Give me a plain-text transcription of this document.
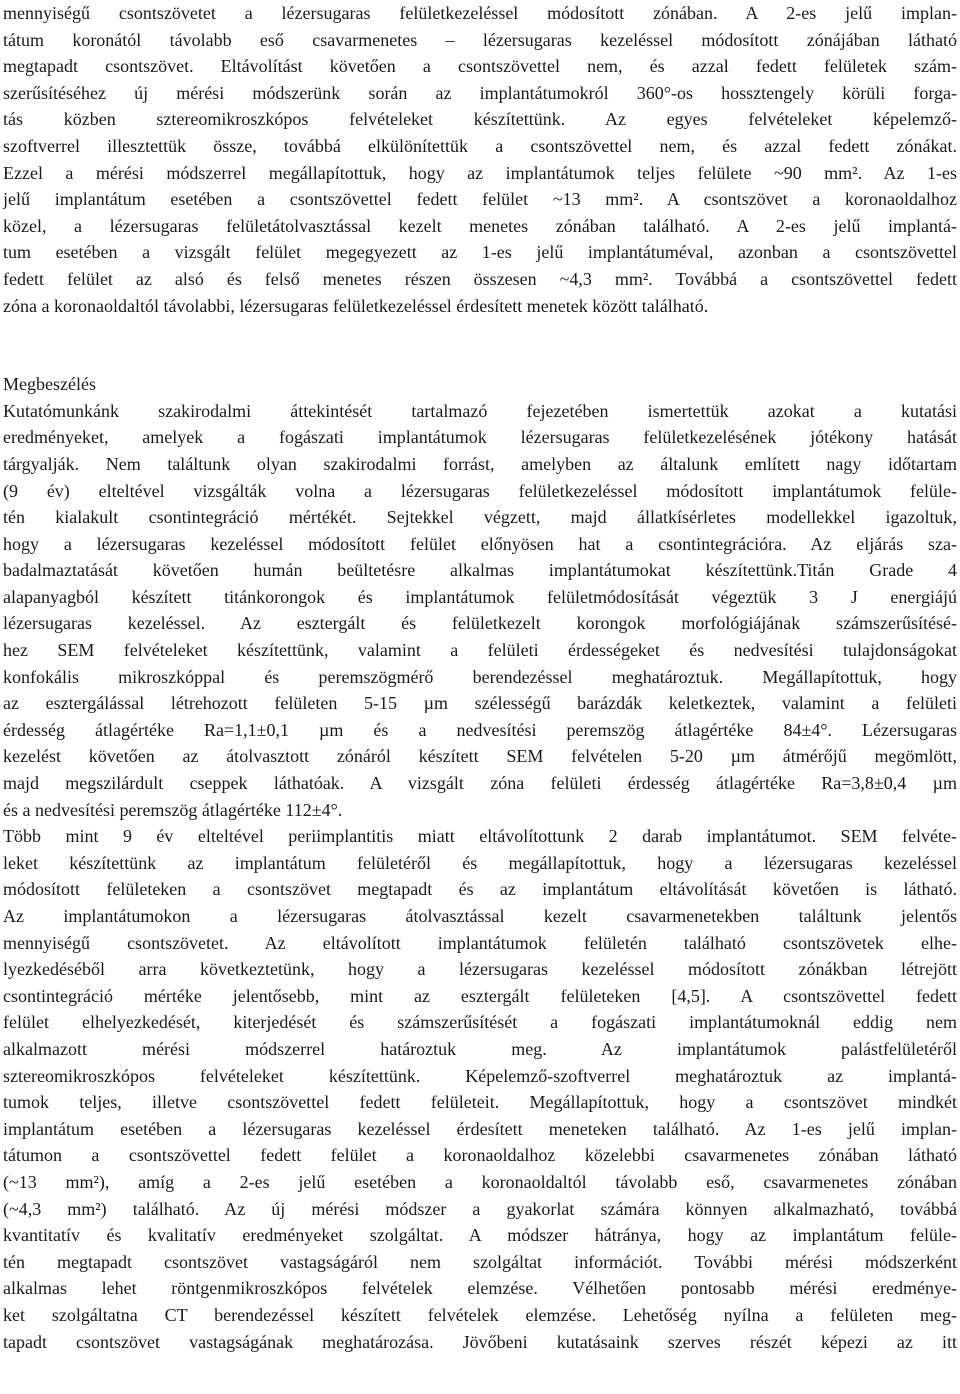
mennyiségű csontszövetet a lézersugaras felületkezeléssel módosított zónában. A 2-es jelű implan-
tátum koronától távolabb eső csavarmenetes – lézersugaras kezeléssel módosított zónájában látható
megtapadt csontszövet. Eltávolítást követően a csontszövettel nem, és azzal fedett felületek szám-
szerűsítéséhez új mérési módszerünk során az implantátumokról 360°-os hossztengely körüli forga-
tás közben sztereomikroszkópos felvételeket készítettünk. Az egyes felvételeket képelemző-
szoftverrel illesztettük össze, továbbá elkülönítettük a csontszövettel nem, és azzal fedett zónákat.
Ezzel a mérési módszerrel megállapítottuk, hogy az implantátumok teljes felülete ~90 mm². Az 1-es
jelű implantátum esetében a csontszövettel fedett felület ~13 mm². A csontszövet a koronaoldalhoz
közel, a lézersugaras felületátolvasztással kezelt menetes zónában található. A 2-es jelű implantá-
tum esetében a vizsgált felület megegyezett az 1-es jelű implantátuméval, azonban a csontszövettel
fedett felület az alsó és felső menetes részen összesen ~4,3 mm². Továbbá a csontszövettel fedett
zóna a koronaoldaltól távolabbi, lézersugaras felületkezeléssel érdesített menetek között található.
Megbeszélés
Kutatómunkánk szakirodalmi áttekintését tartalmazó fejezetében ismertettük azokat a kutatási
eredményeket, amelyek a fogászati implantátumok lézersugaras felületkezelésének jótékony hatását
tárgyalják. Nem találtunk olyan szakirodalmi forrást, amelyben az általunk említett nagy időtartam
(9 év) elteltével vizsgálták volna a lézersugaras felületkezeléssel módosított implantátumok felüle-
tén kialakult csontintegráció mértékét. Sejtekkel végzett, majd állatkísérletes modellekkel igazoltuk,
hogy a lézersugaras kezeléssel módosított felület előnyösen hat a csontintegrációra. Az eljárás sza-
badalmaztatását követően humán beültetésre alkalmas implantátumokat készítettünk.Titán Grade 4
alapanyagból készített titánkorongok és implantátumok felületmódosítását végeztük 3 J energiájú
lézersugaras kezeléssel. Az esztergált és felületkezelt korongok morfológiájának számszerűsítésé-
hez SEM felvételeket készítettünk, valamint a felületi érdességeket és nedvesítési tulajdonságokat
konfokális mikroszkóppal és peremszögmérő berendezéssel meghatároztuk. Megállapítottuk, hogy
az esztergálással létrehozott felületen 5-15 µm szélességű barázdák keletkeztek, valamint a felületi
érdesség átlagértéke Ra=1,1±0,1 µm és a nedvesítési peremszög átlagértéke 84±4°. Lézersugaras
kezelést követően az átolvasztott zónáról készített SEM felvételen 5-20 µm átmérőjű megömlött,
majd megszilárdult cseppek láthatóak. A vizsgált zóna felületi érdesség átlagértéke Ra=3,8±0,4 µm
és a nedvesítési peremszög átlagértéke 112±4°.
Több mint 9 év elteltével periimplantitis miatt eltávolítottunk 2 darab implantátumot. SEM felvéte-
leket készítettünk az implantátum felületéről és megállapítottuk, hogy a lézersugaras kezeléssel
módosított felületeken a csontszövet megtapadt és az implantátum eltávolítását követően is látható.
Az implantátumokon a lézersugaras átolvasztással kezelt csavarmenetekben találtunk jelentős
mennyiségű csontszövetet. Az eltávolított implantátumok felületén található csontszövetek elhe-
lyezkedéséből arra következtetünk, hogy a lézersugaras kezeléssel módosított zónákban létrejött
csontintegráció mértéke jelentősebb, mint az esztergált felületeken [4,5]. A csontszövettel fedett
felület elhelyezkedését, kiterjedését és számszerűsítését a fogászati implantátumoknál eddig nem
alkalmazott mérési módszerrel határoztuk meg. Az implantátumok palástfelületéről
sztereomikroszkópos felvételeket készítettünk. Képelemző-szoftverrel meghatároztuk az implantá-
tumok teljes, illetve csontszövettel fedett felületeit. Megállapítottuk, hogy a csontszövet mindkét
implantátum esetében a lézersugaras kezeléssel érdesített meneteken található. Az 1-es jelű implan-
tátumon a csontszövettel fedett felület a koronaoldalhoz közelebbi csavarmenetes zónában látható
(~13 mm²), amíg a 2-es jelű esetében a koronaoldaltól távolabb eső, csavarmenetes zónában
(~4,3 mm²) található. Az új mérési módszer a gyakorlat számára könnyen alkalmazható, továbbá
kvantitatív és kvalitatív eredményeket szolgáltat. A módszer hátránya, hogy az implantátum felüle-
tén megtapadt csontszövet vastagságáról nem szolgáltat információt. További mérési módszerként
alkalmas lehet röntgenmikroszkópos felvételek elemzése. Vélhetően pontosabb mérési eredménye-
ket szolgáltatna CT berendezéssel készített felvételek elemzése. Lehetőség nyílna a felületen meg-
tapadt csontszövet vastagságának meghatározása. Jövőbeni kutatásaink szerves részét képezi az itt
